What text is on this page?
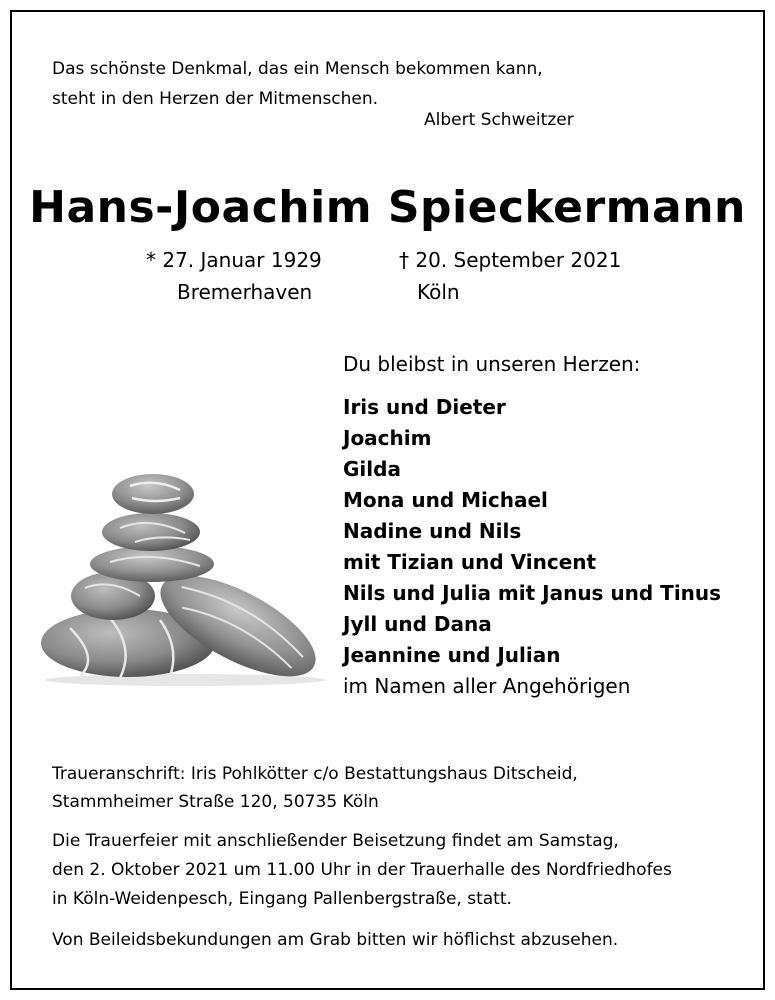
Das schönste Denkmal, das ein Mensch bekommen kann,
steht in den Herzen der Mitmenschen.
Albert Schweitzer
Hans-Joachim Spieckermann
* 27. Januar 1929
Bremerhaven
† 20. September 2021
Köln
Du bleibst in unseren Herzen:
Iris und Dieter
Joachim
Gilda
Mona und Michael
Nadine und Nils
mit Tizian und Vincent
Nils und Julia mit Janus und Tinus
Jyll und Dana
Jeannine und Julian
im Namen aller Angehörigen
Traueranschrift: Iris Pohlkötter c/o Bestattungshaus Ditscheid,
Stammheimer Straße 120, 50735 Köln
Die Trauerfeier mit anschließender Beisetzung findet am Samstag,
den 2. Oktober 2021 um 11.00 Uhr in der Trauerhalle des Nordfriedhofes
in Köln-Weidenpesch, Eingang Pallenbergstraße, statt.
Von Beileidsbekundungen am Grab bitten wir höflichst abzusehen.
